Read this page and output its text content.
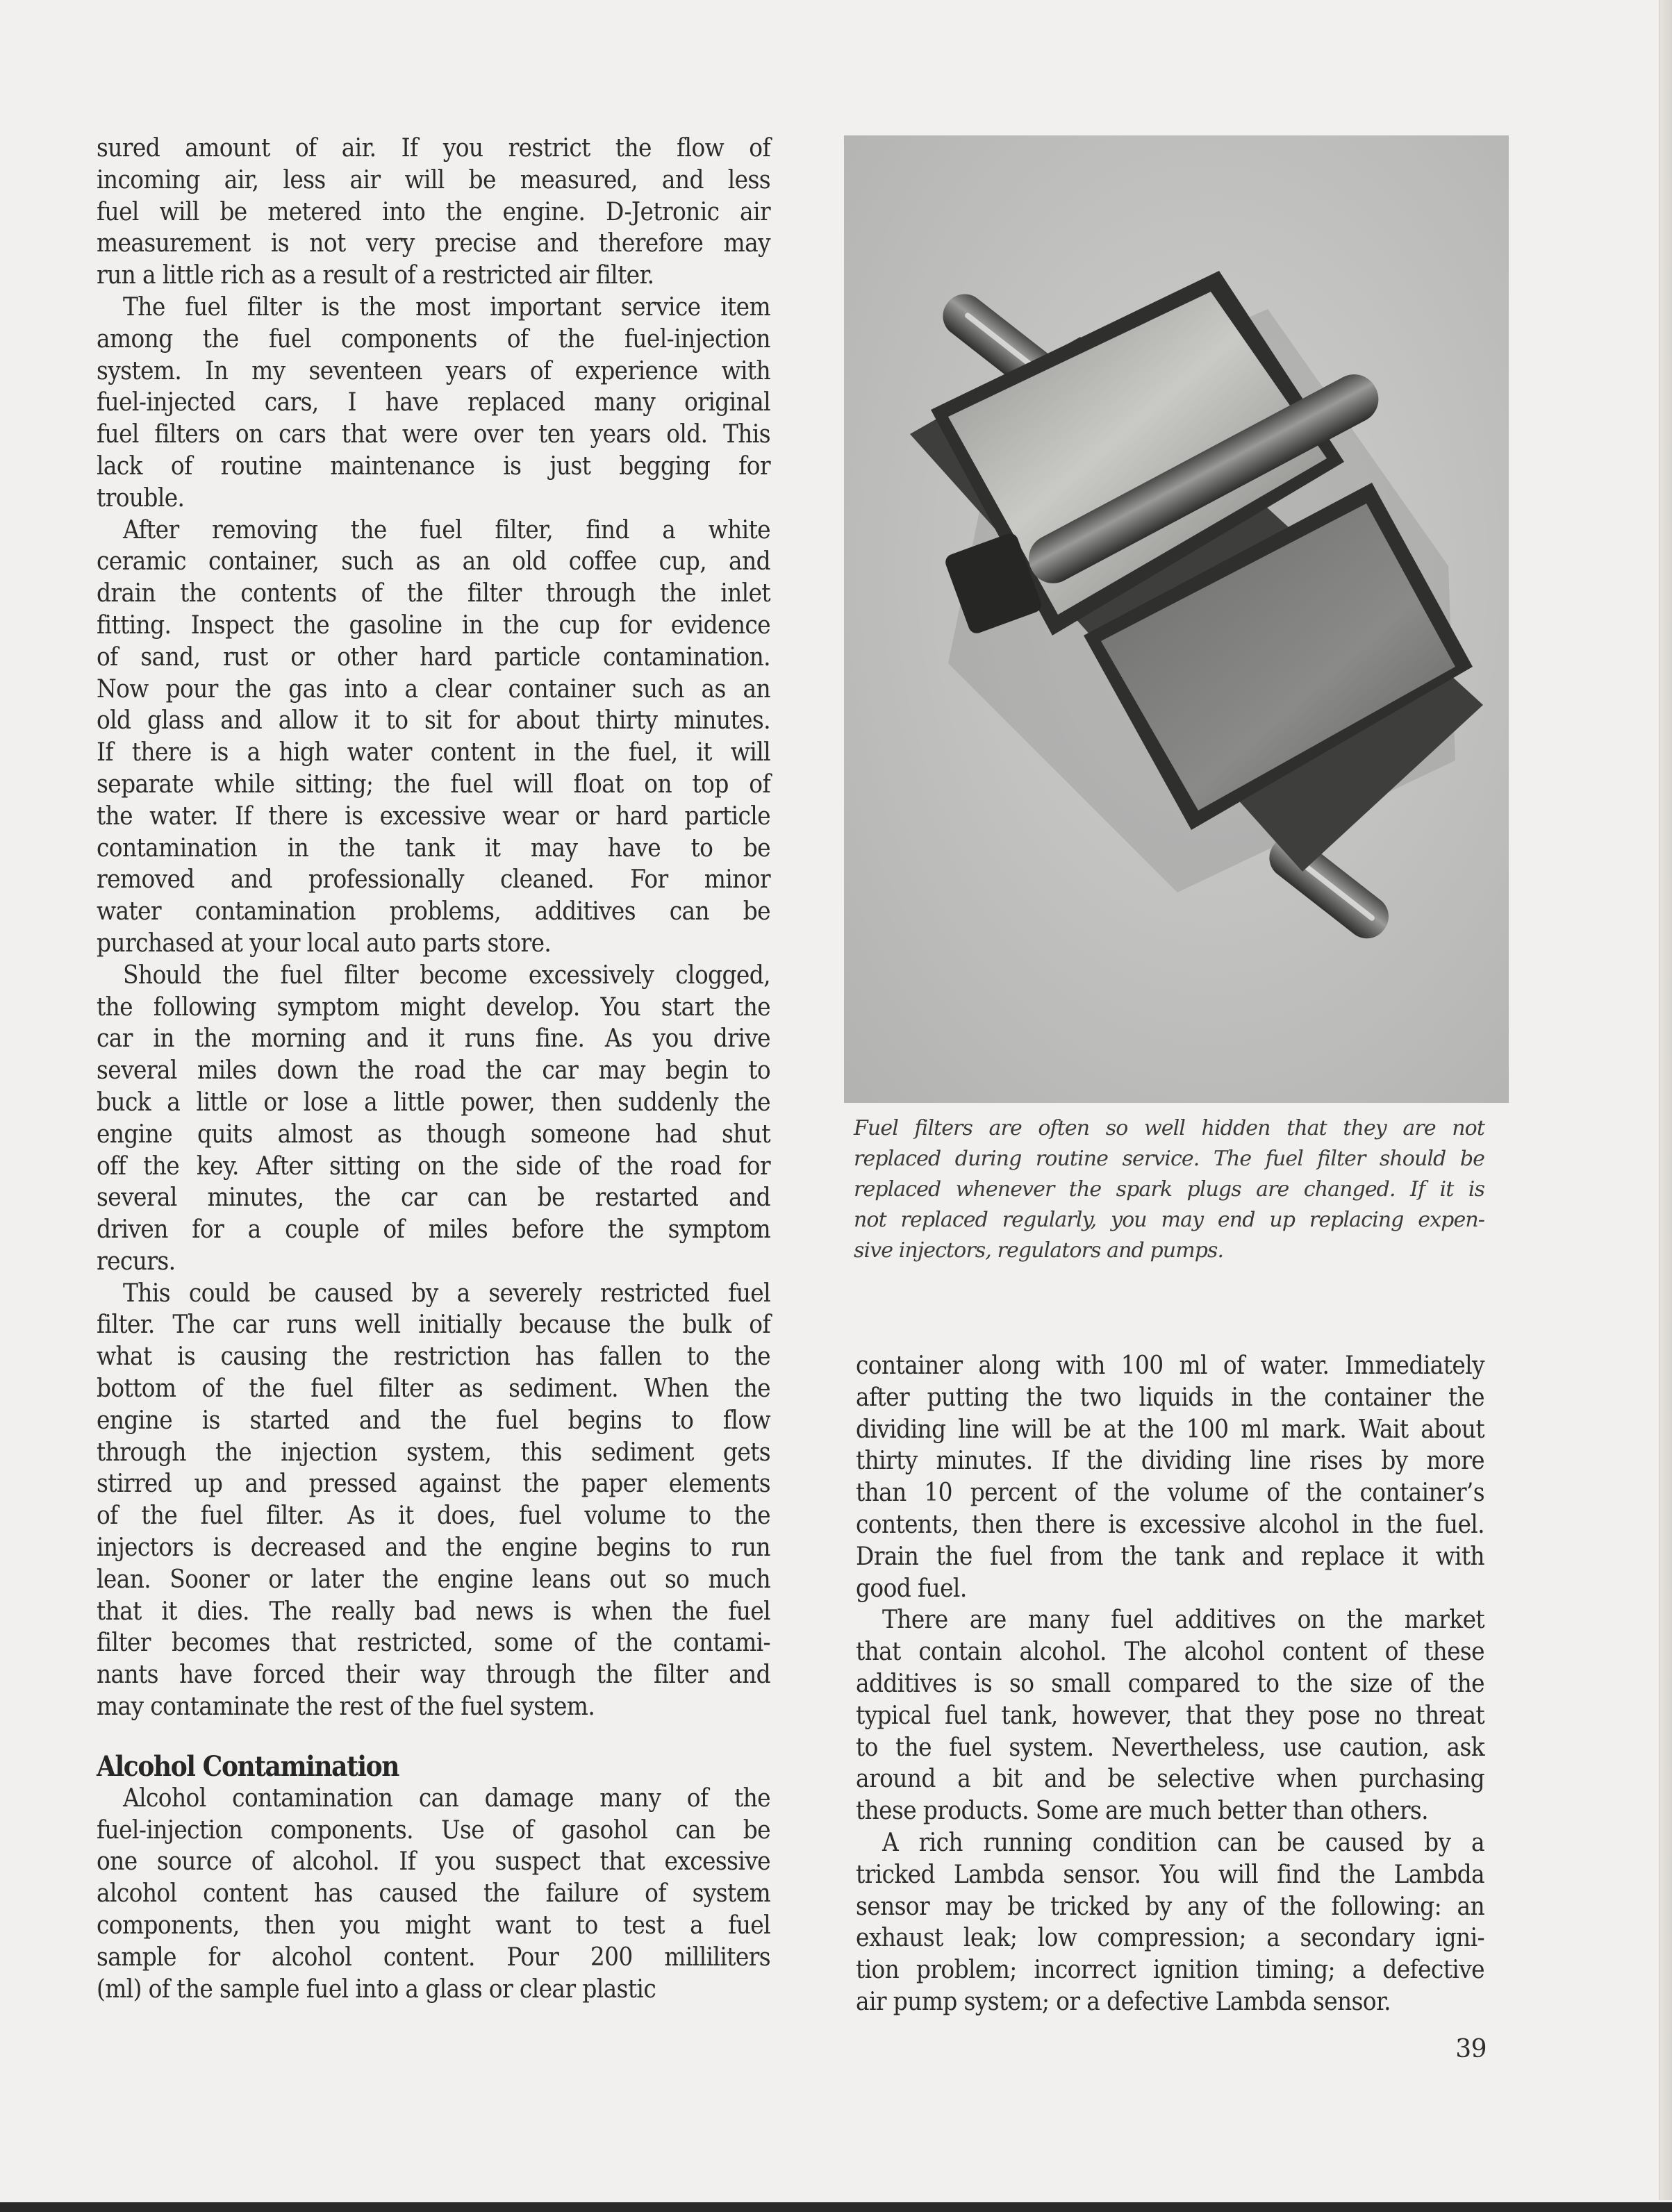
sured amount of air. If you restrict the flow of
incoming air, less air will be measured, and less
fuel will be metered into the engine. D-Jetronic air
measurement is not very precise and therefore may
run a little rich as a result of a restricted air filter.
The fuel filter is the most important service item
among the fuel components of the fuel-injection
system. In my seventeen years of experience with
fuel-injected cars, I have replaced many original
fuel filters on cars that were over ten years old. This
lack of routine maintenance is just begging for
trouble.
After removing the fuel filter, find a white
ceramic container, such as an old coffee cup, and
drain the contents of the filter through the inlet
fitting. Inspect the gasoline in the cup for evidence
of sand, rust or other hard particle contamination.
Now pour the gas into a clear container such as an
old glass and allow it to sit for about thirty minutes.
If there is a high water content in the fuel, it will
separate while sitting; the fuel will float on top of
the water. If there is excessive wear or hard particle
contamination in the tank it may have to be
removed and professionally cleaned. For minor
water contamination problems, additives can be
purchased at your local auto parts store.
Should the fuel filter become excessively clogged,
the following symptom might develop. You start the
car in the morning and it runs fine. As you drive
several miles down the road the car may begin to
buck a little or lose a little power, then suddenly the
engine quits almost as though someone had shut
off the key. After sitting on the side of the road for
several minutes, the car can be restarted and
driven for a couple of miles before the symptom
recurs.
This could be caused by a severely restricted fuel
filter. The car runs well initially because the bulk of
what is causing the restriction has fallen to the
bottom of the fuel filter as sediment. When the
engine is started and the fuel begins to flow
through the injection system, this sediment gets
stirred up and pressed against the paper elements
of the fuel filter. As it does, fuel volume to the
injectors is decreased and the engine begins to run
lean. Sooner or later the engine leans out so much
that it dies. The really bad news is when the fuel
filter becomes that restricted, some of the contami-
nants have forced their way through the filter and
may contaminate the rest of the fuel system.
Alcohol Contamination
Alcohol contamination can damage many of the
fuel-injection components. Use of gasohol can be
one source of alcohol. If you suspect that excessive
alcohol content has caused the failure of system
components, then you might want to test a fuel
sample for alcohol content. Pour 200 milliliters
(ml) of the sample fuel into a glass or clear plastic
Fuel filters are often so well hidden that they are not
replaced during routine service. The fuel filter should be
replaced whenever the spark plugs are changed. If it is
not replaced regularly, you may end up replacing expen-
sive injectors, regulators and pumps.
container along with 100 ml of water. Immediately
after putting the two liquids in the container the
dividing line will be at the 100 ml mark. Wait about
thirty minutes. If the dividing line rises by more
than 10 percent of the volume of the container’s
contents, then there is excessive alcohol in the fuel.
Drain the fuel from the tank and replace it with
good fuel.
There are many fuel additives on the market
that contain alcohol. The alcohol content of these
additives is so small compared to the size of the
typical fuel tank, however, that they pose no threat
to the fuel system. Nevertheless, use caution, ask
around a bit and be selective when purchasing
these products. Some are much better than others.
A rich running condition can be caused by a
tricked Lambda sensor. You will find the Lambda
sensor may be tricked by any of the following: an
exhaust leak; low compression; a secondary igni-
tion problem; incorrect ignition timing; a defective
air pump system; or a defective Lambda sensor.
39
